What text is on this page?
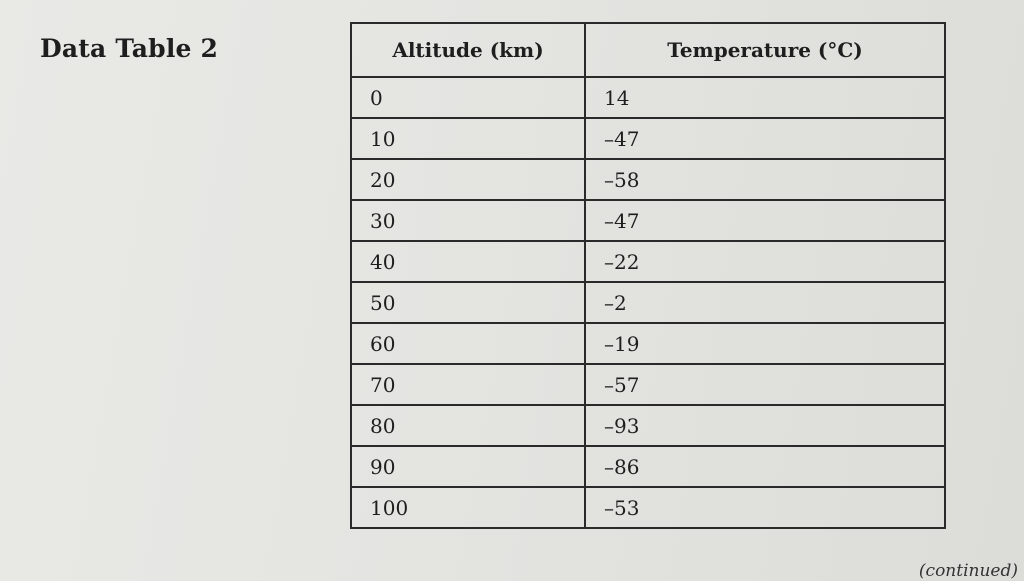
Data Table 2	Altitude (km)	Temperature (°C)
0	14
10	–47
20	–58
30	–47
40	–22
50	–2
60	–19
70	–57
80	–93
90	–86
100	–53
(continued)
